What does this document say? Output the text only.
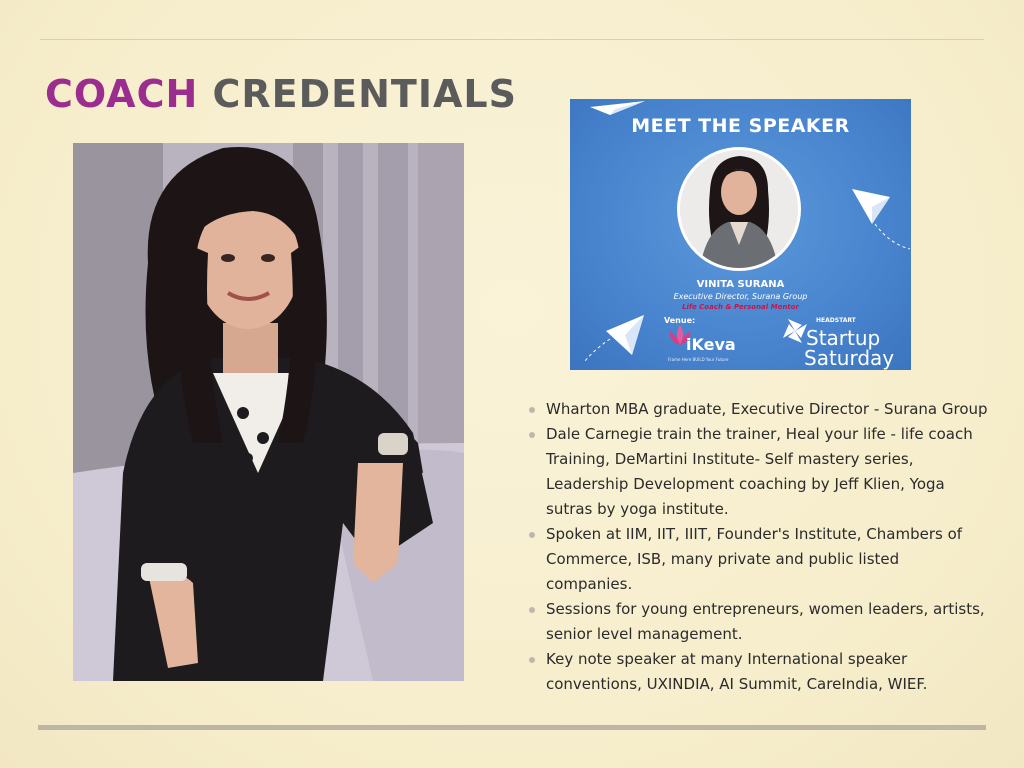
COACH CREDENTIALS
MEET THE SPEAKER

VINITA SURANA

Executive Director, Surana Group

Life Coach & Personal Mentor

Venue:

iKeva

Frame Here BUILD Your Future

HEADSTART

Startup

Saturday

Wharton MBA graduate, Executive Director - Surana Group
Dale Carnegie train the trainer, Heal your life - life coach Training, DeMartini Institute- Self mastery series, Leadership Development coaching by Jeff Klien, Yoga sutras by yoga institute.
Spoken at IIM, IIT, IIIT, Founder's Institute, Chambers of Commerce, ISB, many private and public listed companies.
Sessions for young entrepreneurs, women leaders, artists, senior level management.
Key note speaker at many International speaker conventions, UXINDIA, AI Summit, CareIndia, WIEF.
